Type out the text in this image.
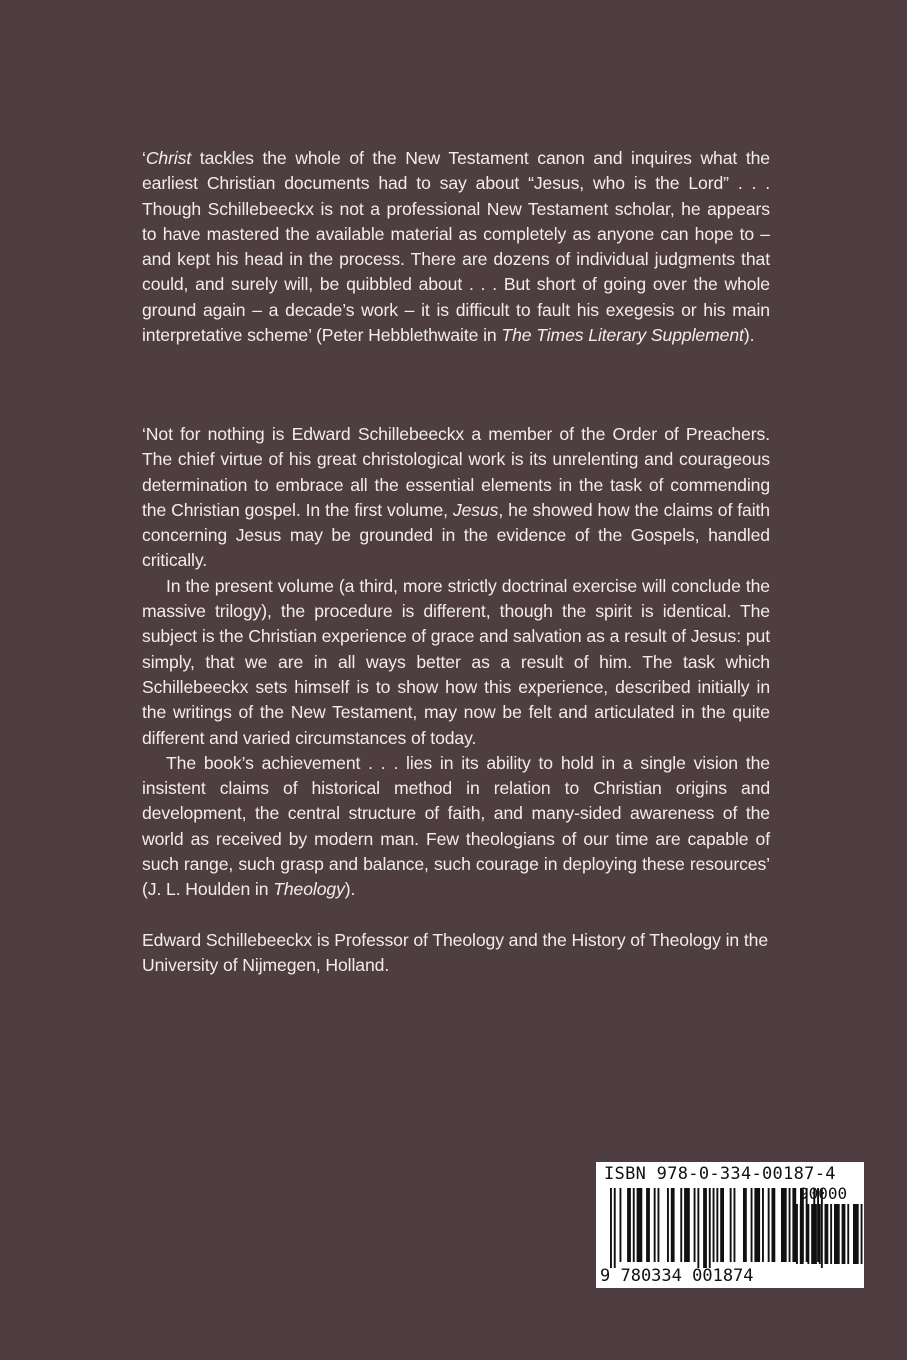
‘Christ tackles the whole of the New Testament canon and inquires what the earliest Christian documents had to say about “Jesus, who is the Lord” . . . Though Schillebeeckx is not a professional New Testament scholar, he appears to have mastered the available material as completely as anyone can hope to – and kept his head in the process. There are dozens of individual judgments that could, and surely will, be quibbled about . . . But short of going over the whole ground again – a decade’s work – it is difficult to fault his exegesis or his main interpretative scheme’ (Peter Hebblethwaite in The Times Literary Supplement).

‘Not for nothing is Edward Schillebeeckx a member of the Order of Preachers. The chief virtue of his great christological work is its unrelenting and courageous determination to embrace all the essential elements in the task of commending the Christian gospel. In the first volume, Jesus, he showed how the claims of faith concerning Jesus may be grounded in the evidence of the Gospels, handled critically.

In the present volume (a third, more strictly doctrinal exercise will conclude the massive trilogy), the procedure is different, though the spirit is identical. The subject is the Christian experience of grace and salvation as a result of Jesus: put simply, that we are in all ways better as a result of him. The task which Schillebeeckx sets himself is to show how this experience, described initially in the writings of the New Testament, may now be felt and articulated in the quite different and varied circumstances of today.

The book’s achievement . . . lies in its ability to hold in a single vision the insistent claims of historical method in relation to Christian origins and development, the central structure of faith, and many-sided awareness of the world as received by modern man. Few theologians of our time are capable of such range, such grasp and balance, such courage in deploying these resources’ (J. L. Houlden in Theology).

Edward Schillebeeckx is Professor of Theology and the History of Theology in the University of Nijmegen, Holland.

ISBN 978-0-334-00187-4
90000
9 780334 001874
